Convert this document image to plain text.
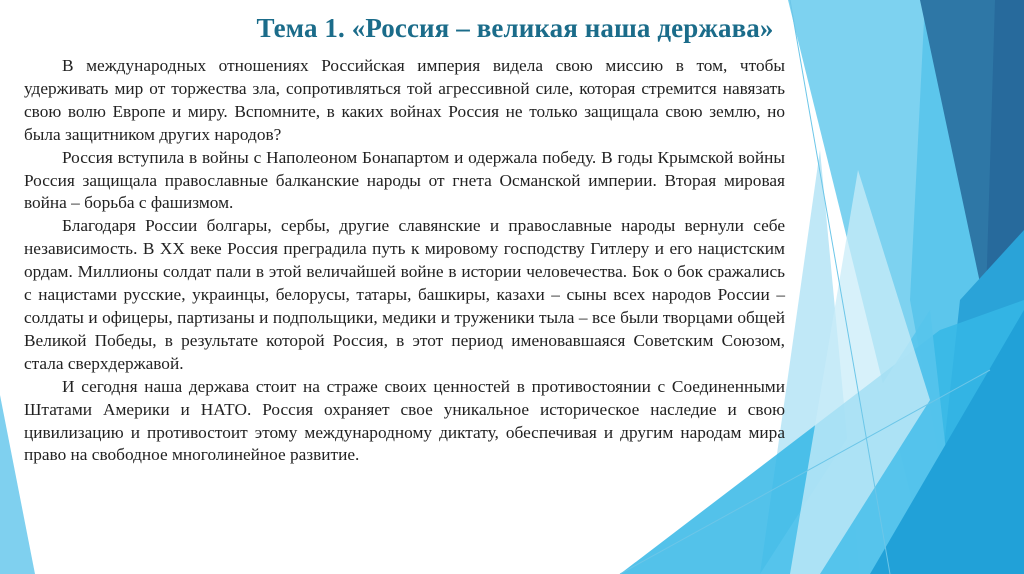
Тема 1. «Россия – великая наша держава»

В международных отношениях Российская империя видела свою миссию в том, чтобы удерживать мир от торжества зла, сопротивляться той агрессивной силе, которая стремится навязать свою волю Европе и миру. Вспомните, в каких войнах Россия не только защищала свою землю, но была защитником других народов?

Россия вступила в войны с Наполеоном Бонапартом и одержала победу. В годы Крымской войны Россия защищала православные балканские народы от гнета Османской империи. Вторая мировая война – борьба с фашизмом.

Благодаря России болгары, сербы, другие славянские и православные народы вернули себе независимость. В XX веке Россия преградила путь к мировому господству Гитлеру и его нацистским ордам. Миллионы солдат пали в этой величайшей войне в истории человечества. Бок о бок сражались с нацистами русские, украинцы, белорусы, татары, башкиры, казахи – сыны всех народов России – солдаты и офицеры, партизаны и подпольщики, медики и труженики тыла – все были творцами общей Великой Победы, в результате которой Россия, в этот период именовавшаяся Советским Союзом, стала сверхдержавой.

И сегодня наша держава стоит на страже своих ценностей в противостоянии с Соединенными Штатами Америки и НАТО. Россия охраняет свое уникальное историческое наследие и свою цивилизацию и противостоит этому международному диктату, обеспечивая и другим народам мира право на свободное многолинейное развитие.
